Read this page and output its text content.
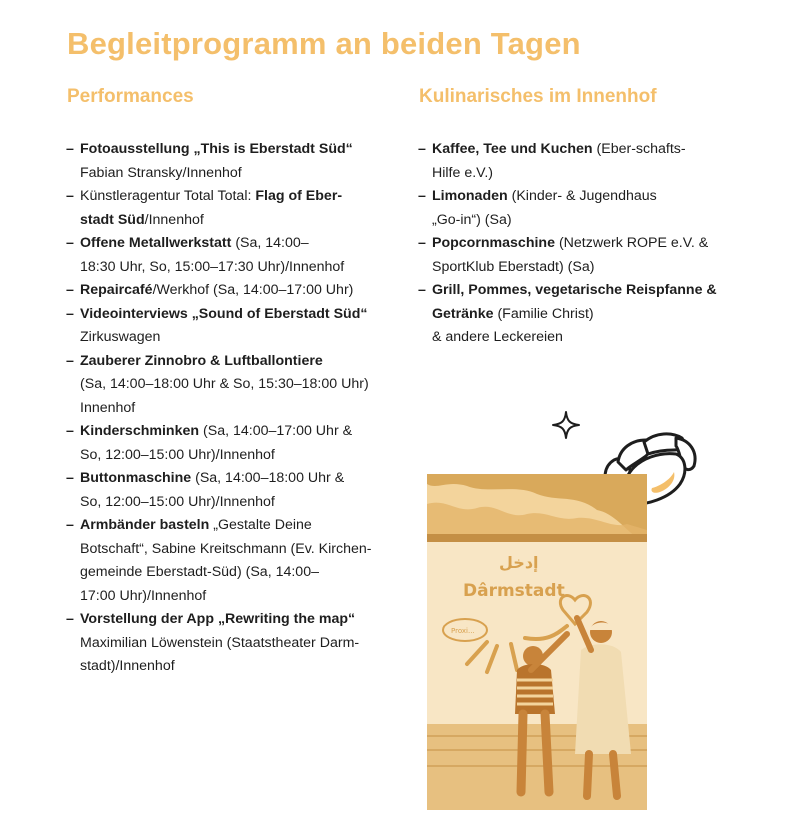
Begleitprogramm an beiden Tagen
Performances
– Fotoausstellung „This is Eberstadt Süd“
Fabian Stransky/Innenhof
– Künstleragentur Total Total: Flag of Eber-
stadt Süd/Innenhof
– Offene Metallwerkstatt (Sa, 14:00–
18:30 Uhr, So, 15:00–17:30 Uhr)/Innenhof
– Repaircafé/Werkhof (Sa, 14:00–17:00 Uhr)
– Videointerviews „Sound of Eberstadt Süd“
Zirkuswagen
– Zauberer Zinnobro & Luftballontiere
(Sa, 14:00–18:00 Uhr & So, 15:30–18:00 Uhr)
Innenhof
– Kinderschminken (Sa, 14:00–17:00 Uhr &
So, 12:00–15:00 Uhr)/Innenhof
– Buttonmaschine (Sa, 14:00–18:00 Uhr &
So, 12:00–15:00 Uhr)/Innenhof
– Armbänder basteln „Gestalte Deine
Botschaft“, Sabine Kreitschmann (Ev. Kirchen-
gemeinde Eberstadt-Süd) (Sa, 14:00–
17:00 Uhr)/Innenhof
– Vorstellung der App „Rewriting the map“
Maximilian Löwenstein (Staatstheater Darm-
stadt)/Innenhof
Kulinarisches im Innenhof
– Kaffee, Tee und Kuchen (Eber-schafts-
Hilfe e.V.)
– Limonaden (Kinder- & Jugendhaus
„Go-in“) (Sa)
– Popcornmaschine (Netzwerk ROPE e.V. &
SportKlub Eberstadt) (Sa)
– Grill, Pommes, vegetarische Reispfanne &
Getränke (Familie Christ)
& andere Leckereien
إدخل
Dârmstadt
Proxi...
